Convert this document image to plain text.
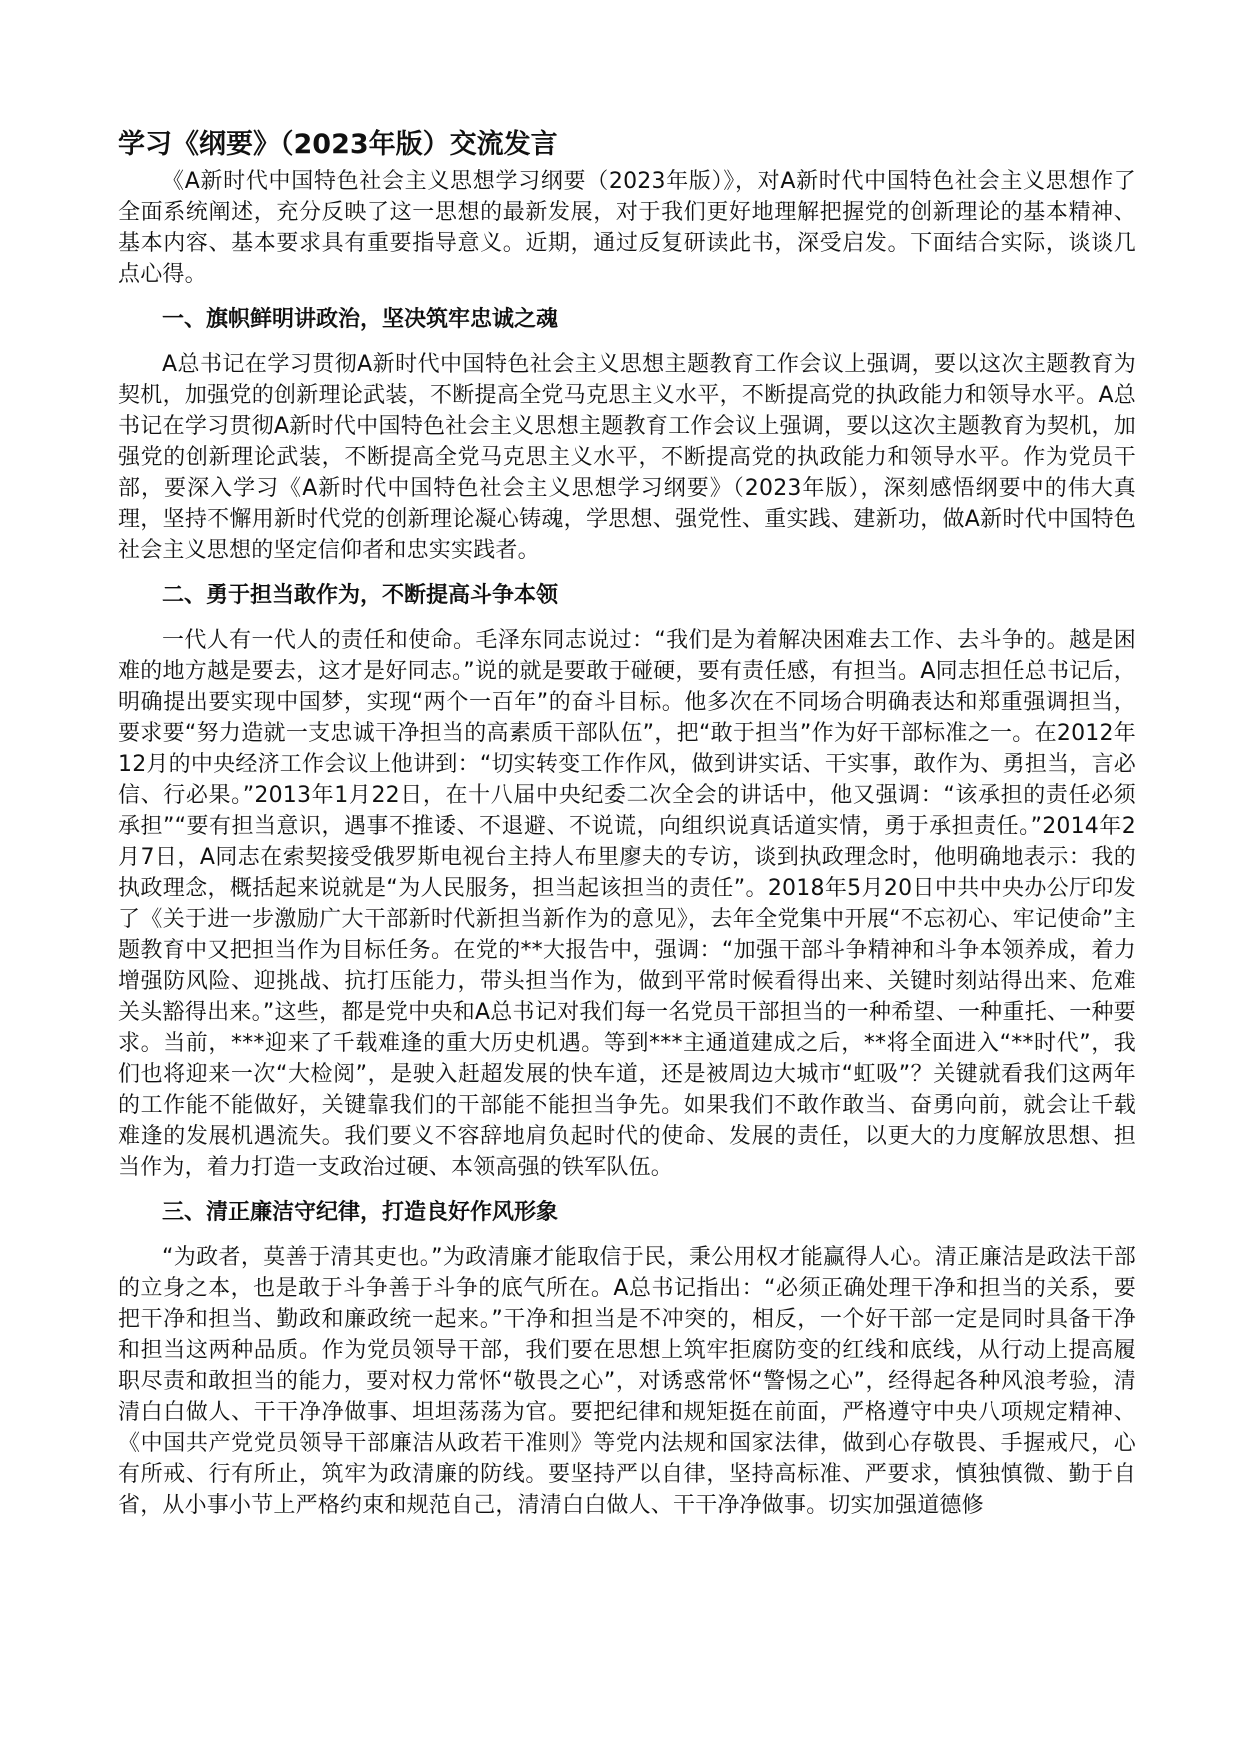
学习《纲要》（2023年版）交流发言

《A新时代中国特色社会主义思想学习纲要（2023年版）》，对A新时代中国特色社会主义思想作了全面系统阐述，充分反映了这一思想的最新发展，对于我们更好地理解把握党的创新理论的基本精神、基本内容、基本要求具有重要指导意义。近期，通过反复研读此书，深受启发。下面结合实际，谈谈几点心得。

一、旗帜鲜明讲政治，坚决筑牢忠诚之魂

A总书记在学习贯彻A新时代中国特色社会主义思想主题教育工作会议上强调，要以这次主题教育为契机，加强党的创新理论武装，不断提高全党马克思主义水平，不断提高党的执政能力和领导水平。A总书记在学习贯彻A新时代中国特色社会主义思想主题教育工作会议上强调，要以这次主题教育为契机，加强党的创新理论武装，不断提高全党马克思主义水平，不断提高党的执政能力和领导水平。作为党员干部，要深入学习《A新时代中国特色社会主义思想学习纲要》（2023年版），深刻感悟纲要中的伟大真理，坚持不懈用新时代党的创新理论凝心铸魂，学思想、强党性、重实践、建新功，做A新时代中国特色社会主义思想的坚定信仰者和忠实实践者。

二、勇于担当敢作为，不断提高斗争本领

一代人有一代人的责任和使命。毛泽东同志说过：“我们是为着解决困难去工作、去斗争的。越是困难的地方越是要去，这才是好同志。”说的就是要敢于碰硬，要有责任感，有担当。A同志担任总书记后，明确提出要实现中国梦，实现“两个一百年”的奋斗目标。他多次在不同场合明确表达和郑重强调担当，要求要“努力造就一支忠诚干净担当的高素质干部队伍”，把“敢于担当”作为好干部标准之一。在2012年12月的中央经济工作会议上他讲到：“切实转变工作作风，做到讲实话、干实事，敢作为、勇担当，言必信、行必果。”2013年1月22日，在十八届中央纪委二次全会的讲话中，他又强调：“该承担的责任必须承担”“要有担当意识，遇事不推诿、不退避、不说谎，向组织说真话道实情，勇于承担责任。”2014年2月7日，A同志在索契接受俄罗斯电视台主持人布里廖夫的专访，谈到执政理念时，他明确地表示：我的执政理念，概括起来说就是“为人民服务，担当起该担当的责任”。2018年5月20日中共中央办公厅印发了《关于进一步激励广大干部新时代新担当新作为的意见》，去年全党集中开展“不忘初心、牢记使命”主题教育中又把担当作为目标任务。在党的**大报告中，强调：“加强干部斗争精神和斗争本领养成，着力增强防风险、迎挑战、抗打压能力，带头担当作为，做到平常时候看得出来、关键时刻站得出来、危难关头豁得出来。”这些，都是党中央和A总书记对我们每一名党员干部担当的一种希望、一种重托、一种要求。当前，***迎来了千载难逢的重大历史机遇。等到***主通道建成之后，**将全面进入“**时代”，我们也将迎来一次“大检阅”，是驶入赶超发展的快车道，还是被周边大城市“虹吸”？关键就看我们这两年的工作能不能做好，关键靠我们的干部能不能担当争先。如果我们不敢作敢当、奋勇向前，就会让千载难逢的发展机遇流失。我们要义不容辞地肩负起时代的使命、发展的责任，以更大的力度解放思想、担当作为，着力打造一支政治过硬、本领高强的铁军队伍。

三、清正廉洁守纪律，打造良好作风形象

“为政者，莫善于清其吏也。”为政清廉才能取信于民，秉公用权才能赢得人心。清正廉洁是政法干部的立身之本，也是敢于斗争善于斗争的底气所在。A总书记指出：“必须正确处理干净和担当的关系，要把干净和担当、勤政和廉政统一起来。”干净和担当是不冲突的，相反，一个好干部一定是同时具备干净和担当这两种品质。作为党员领导干部，我们要在思想上筑牢拒腐防变的红线和底线，从行动上提高履职尽责和敢担当的能力，要对权力常怀“敬畏之心”，对诱惑常怀“警惕之心”，经得起各种风浪考验，清清白白做人、干干净净做事、坦坦荡荡为官。要把纪律和规矩挺在前面，严格遵守中央八项规定精神、《中国共产党党员领导干部廉洁从政若干准则》等党内法规和国家法律，做到心存敬畏、手握戒尺，心有所戒、行有所止，筑牢为政清廉的防线。要坚持严以自律，坚持高标准、严要求，慎独慎微、勤于自省，从小事小节上严格约束和规范自己，清清白白做人、干干净净做事。切实加强道德修
